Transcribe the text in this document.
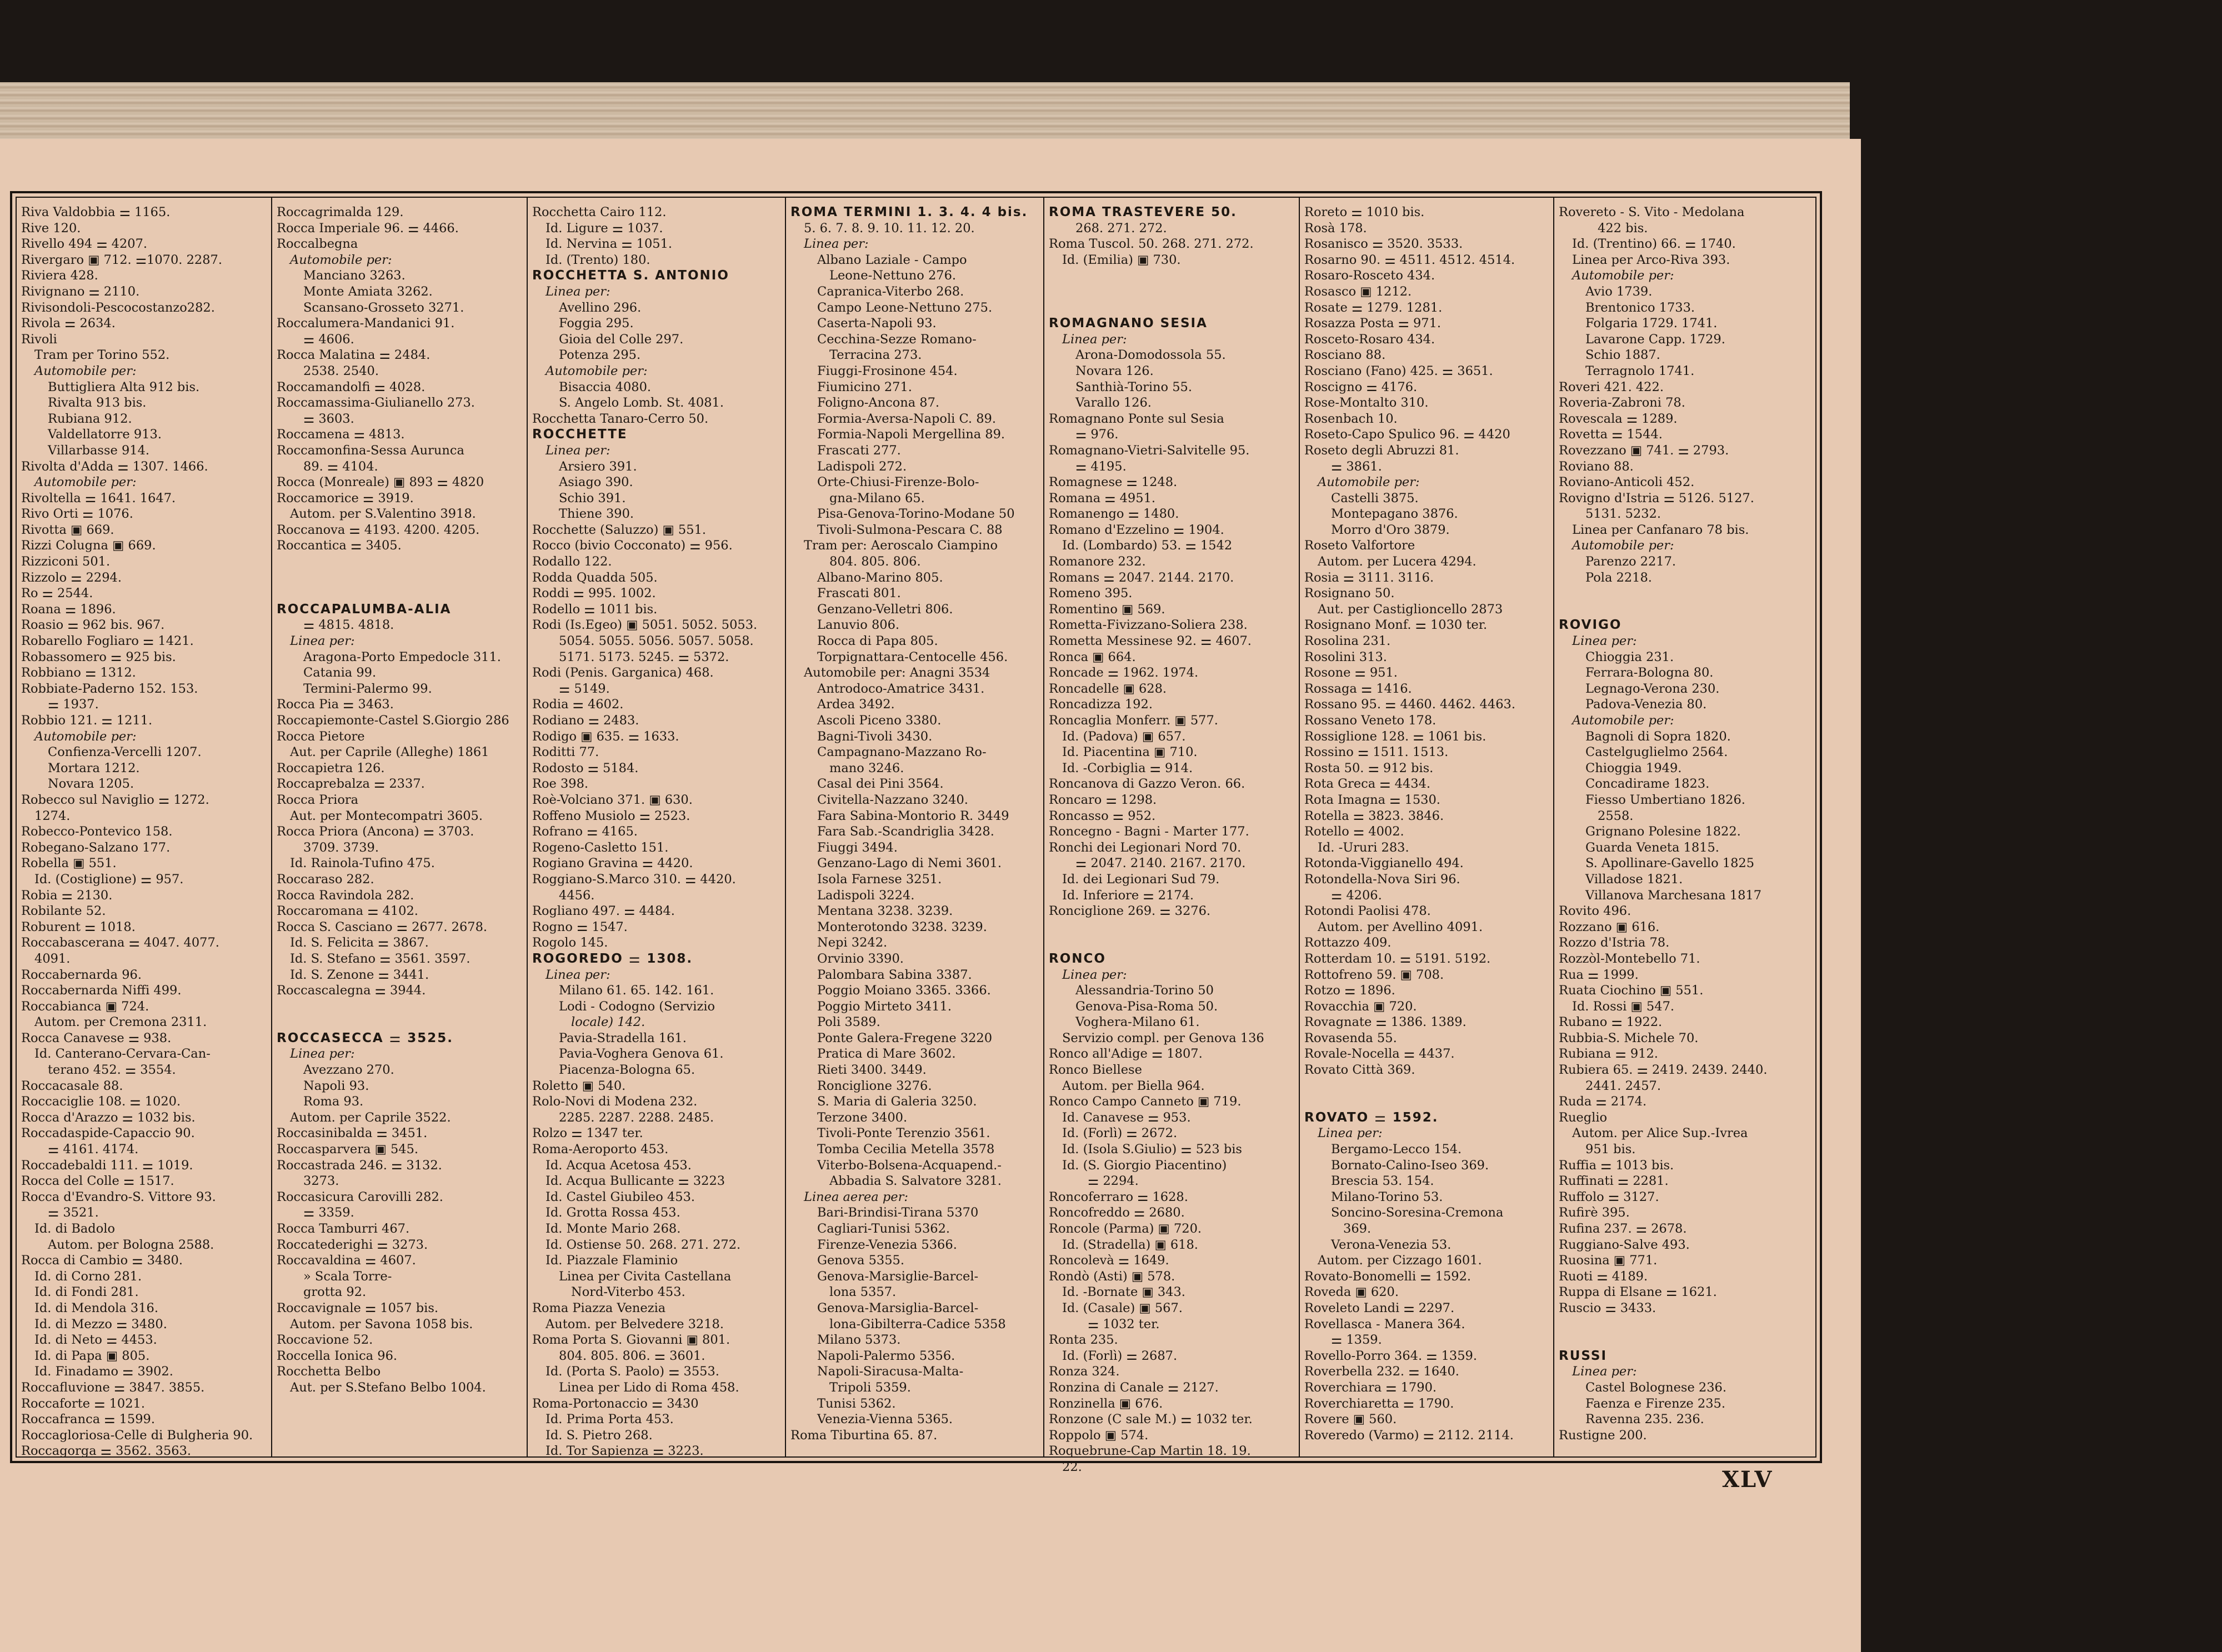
Riva Valdobbia ⚌ 1165.
Rive 120.
Rivello 494 ⚌ 4207.
Rivergaro ▣ 712. ⚌1070. 2287.
Riviera 428.
Rivignano ⚌ 2110.
Rivisondoli-Pescocostanzo282.
Rivola ⚌ 2634.
Rivoli
Tram per Torino 552.
Automobile per:
Buttigliera Alta 912 bis.
Rivalta 913 bis.
Rubiana 912.
Valdellatorre 913.
Villarbasse 914.
Rivolta d'Adda ⚌ 1307. 1466.
Automobile per:
Rivoltella ⚌ 1641. 1647.
Rivo Orti ⚌ 1076.
Rivotta ▣ 669.
Rizzi Colugna ▣ 669.
Rizziconi 501.
Rizzolo ⚌ 2294.
Ro ⚌ 2544.
Roana ⚌ 1896.
Roasio ⚌ 962 bis. 967.
Robarello Fogliaro ⚌ 1421.
Robassomero ⚌ 925 bis.
Robbiano ⚌ 1312.
Robbiate-Paderno 152. 153.
⚌ 1937.
Robbio 121. ⚌ 1211.
Automobile per:
Confienza-Vercelli 1207.
Mortara 1212.
Novara 1205.
Robecco sul Naviglio ⚌ 1272.
1274.
Robecco-Pontevico 158.
Robegano-Salzano 177.
Robella ▣ 551.
Id. (Costiglione) ⚌ 957.
Robia ⚌ 2130.
Robilante 52.
Roburent ⚌ 1018.
Roccabascerana ⚌ 4047. 4077.
4091.
Roccabernarda 96.
Roccabernarda Niffi 499.
Roccabianca ▣ 724.
Autom. per Cremona 2311.
Rocca Canavese ⚌ 938.
Id. Canterano-Cervara-Can-
terano 452. ⚌ 3554.
Roccacasale 88.
Roccaciglie 108. ⚌ 1020.
Rocca d'Arazzo ⚌ 1032 bis.
Roccadaspide-Capaccio 90.
⚌ 4161. 4174.
Roccadebaldi 111. ⚌ 1019.
Rocca del Colle ⚌ 1517.
Rocca d'Evandro-S. Vittore 93.
⚌ 3521.
Id. di Badolo
Autom. per Bologna 2588.
Rocca di Cambio ⚌ 3480.
Id. di Corno 281.
Id. di Fondi 281.
Id. di Mendola 316.
Id. di Mezzo ⚌ 3480.
Id. di Neto ⚌ 4453.
Id. di Papa ▣ 805.
Id. Finadamo ⚌ 3902.
Roccafluvione ⚌ 3847. 3855.
Roccaforte ⚌ 1021.
Roccafranca ⚌ 1599.
Roccagloriosa-Celle di Bulgheria 90.
Roccagorga ⚌ 3562. 3563.
Roccagrimalda 129.
Rocca Imperiale 96. ⚌ 4466.
Roccalbegna
Automobile per:
Manciano 3263.
Monte Amiata 3262.
Scansano-Grosseto 3271.
Roccalumera-Mandanici 91.
⚌ 4606.
Rocca Malatina ⚌ 2484.
2538. 2540.
Roccamandolfi ⚌ 4028.
Roccamassima-Giulianello 273.
⚌ 3603.
Roccamena ⚌ 4813.
Roccamonfina-Sessa Aurunca
89. ⚌ 4104.
Rocca (Monreale) ▣ 893 ⚌ 4820
Roccamorice ⚌ 3919.
Autom. per S.Valentino 3918.
Roccanova ⚌ 4193. 4200. 4205.
Roccantica ⚌ 3405.
ROCCAPALUMBA-ALIA
⚌ 4815. 4818.
Linea per:
Aragona-Porto Empedocle 311.
Catania 99.
Termini-Palermo 99.
Rocca Pia ⚌ 3463.
Roccapiemonte-Castel S.Giorgio 286
Rocca Pietore
Aut. per Caprile (Alleghe) 1861
Roccapietra 126.
Roccaprebalza ⚌ 2337.
Rocca Priora
Aut. per Montecompatri 3605.
Rocca Priora (Ancona) ⚌ 3703.
3709. 3739.
Id. Rainola-Tufino 475.
Roccaraso 282.
Rocca Ravindola 282.
Roccaromana ⚌ 4102.
Rocca S. Casciano ⚌ 2677. 2678.
Id. S. Felicita ⚌ 3867.
Id. S. Stefano ⚌ 3561. 3597.
Id. S. Zenone ⚌ 3441.
Roccascalegna ⚌ 3944.
ROCCASECCA ⚌ 3525.
Linea per:
Avezzano 270.
Napoli 93.
Roma 93.
Autom. per Caprile 3522.
Roccasinibalda ⚌ 3451.
Roccasparvera ▣ 545.
Roccastrada 246. ⚌ 3132.
3273.
Roccasicura Carovilli 282.
⚌ 3359.
Rocca Tamburri 467.
Roccatederighi ⚌ 3273.
Roccavaldina ⚌ 4607.
» Scala Torre-
grotta 92.
Roccavignale ⚌ 1057 bis.
Autom. per Savona 1058 bis.
Roccavione 52.
Roccella Ionica 96.
Rocchetta Belbo
Aut. per S.Stefano Belbo 1004.
Rocchetta Cairo 112.
Id. Ligure ⚌ 1037.
Id. Nervina ⚌ 1051.
Id. (Trento) 180.
ROCCHETTA S. ANTONIO
Linea per:
Avellino 296.
Foggia 295.
Gioia del Colle 297.
Potenza 295.
Automobile per:
Bisaccia 4080.
S. Angelo Lomb. St. 4081.
Rocchetta Tanaro-Cerro 50.
ROCCHETTE
Linea per:
Arsiero 391.
Asiago 390.
Schio 391.
Thiene 390.
Rocchette (Saluzzo) ▣ 551.
Rocco (bivio Cocconato) ⚌ 956.
Rodallo 122.
Rodda Quadda 505.
Roddi ⚌ 995. 1002.
Rodello ⚌ 1011 bis.
Rodi (Is.Egeo) ▣ 5051. 5052. 5053.
5054. 5055. 5056. 5057. 5058.
5171. 5173. 5245. ⚌ 5372.
Rodi (Penis. Garganica) 468.
⚌ 5149.
Rodia ⚌ 4602.
Rodiano ⚌ 2483.
Rodigo ▣ 635. ⚌ 1633.
Roditti 77.
Rodosto ⚌ 5184.
Roe 398.
Roè-Volciano 371. ▣ 630.
Roffeno Musiolo ⚌ 2523.
Rofrano ⚌ 4165.
Rogeno-Casletto 151.
Rogiano Gravina ⚌ 4420.
Roggiano-S.Marco 310. ⚌ 4420.
4456.
Rogliano 497. ⚌ 4484.
Rogno ⚌ 1547.
Rogolo 145.
ROGOREDO ⚌ 1308.
Linea per:
Milano 61. 65. 142. 161.
Lodi - Codogno (Servizio
locale) 142.
Pavia-Stradella 161.
Pavia-Voghera Genova 61.
Piacenza-Bologna 65.
Roletto ▣ 540.
Rolo-Novi di Modena 232.
2285. 2287. 2288. 2485.
Rolzo ⚌ 1347 ter.
Roma-Aeroporto 453.
Id. Acqua Acetosa 453.
Id. Acqua Bullicante ⚌ 3223
Id. Castel Giubileo 453.
Id. Grotta Rossa 453.
Id. Monte Mario 268.
Id. Ostiense 50. 268. 271. 272.
Id. Piazzale Flaminio
Linea per Civita Castellana
Nord-Viterbo 453.
Roma Piazza Venezia
Autom. per Belvedere 3218.
Roma Porta S. Giovanni ▣ 801.
804. 805. 806. ⚌ 3601.
Id. (Porta S. Paolo) ⚌ 3553.
Linea per Lido di Roma 458.
Roma-Portonaccio ⚌ 3430
Id. Prima Porta 453.
Id. S. Pietro 268.
Id. Tor Sapienza ⚌ 3223.
ROMA TERMINI 1. 3. 4. 4 bis.
5. 6. 7. 8. 9. 10. 11. 12. 20.
Linea per:
Albano Laziale - Campo
Leone-Nettuno 276.
Capranica-Viterbo 268.
Campo Leone-Nettuno 275.
Caserta-Napoli 93.
Cecchina-Sezze Romano-
Terracina 273.
Fiuggi-Frosinone 454.
Fiumicino 271.
Foligno-Ancona 87.
Formia-Aversa-Napoli C. 89.
Formia-Napoli Mergellina 89.
Frascati 277.
Ladispoli 272.
Orte-Chiusi-Firenze-Bolo-
gna-Milano 65.
Pisa-Genova-Torino-Modane 50
Tivoli-Sulmona-Pescara C. 88
Tram per: Aeroscalo Ciampino
804. 805. 806.
Albano-Marino 805.
Frascati 801.
Genzano-Velletri 806.
Lanuvio 806.
Rocca di Papa 805.
Torpignattara-Centocelle 456.
Automobile per: Anagni 3534
Antrodoco-Amatrice 3431.
Ardea 3492.
Ascoli Piceno 3380.
Bagni-Tivoli 3430.
Campagnano-Mazzano Ro-
mano 3246.
Casal dei Pini 3564.
Civitella-Nazzano 3240.
Fara Sabina-Montorio R. 3449
Fara Sab.-Scandriglia 3428.
Fiuggi 3494.
Genzano-Lago di Nemi 3601.
Isola Farnese 3251.
Ladispoli 3224.
Mentana 3238. 3239.
Monterotondo 3238. 3239.
Nepi 3242.
Orvinio 3390.
Palombara Sabina 3387.
Poggio Moiano 3365. 3366.
Poggio Mirteto 3411.
Poli 3589.
Ponte Galera-Fregene 3220
Pratica di Mare 3602.
Rieti 3400. 3449.
Ronciglione 3276.
S. Maria di Galeria 3250.
Terzone 3400.
Tivoli-Ponte Terenzio 3561.
Tomba Cecilia Metella 3578
Viterbo-Bolsena-Acquapend.-
Abbadia S. Salvatore 3281.
Linea aerea per:
Bari-Brindisi-Tirana 5370
Cagliari-Tunisi 5362.
Firenze-Venezia 5366.
Genova 5355.
Genova-Marsiglie-Barcel-
lona 5357.
Genova-Marsiglia-Barcel-
lona-Gibilterra-Cadice 5358
Milano 5373.
Napoli-Palermo 5356.
Napoli-Siracusa-Malta-
Tripoli 5359.
Tunisi 5362.
Venezia-Vienna 5365.
Roma Tiburtina 65. 87.
ROMA TRASTEVERE 50.
268. 271. 272.
Roma Tuscol. 50. 268. 271. 272.
Id. (Emilia) ▣ 730.
ROMAGNANO SESIA
Linea per:
Arona-Domodossola 55.
Novara 126.
Santhià-Torino 55.
Varallo 126.
Romagnano Ponte sul Sesia
⚌ 976.
Romagnano-Vietri-Salvitelle 95.
⚌ 4195.
Romagnese ⚌ 1248.
Romana ⚌ 4951.
Romanengo ⚌ 1480.
Romano d'Ezzelino ⚌ 1904.
Id. (Lombardo) 53. ⚌ 1542
Romanore 232.
Romans ⚌ 2047. 2144. 2170.
Romeno 395.
Romentino ▣ 569.
Rometta-Fivizzano-Soliera 238.
Rometta Messinese 92. ⚌ 4607.
Ronca ▣ 664.
Roncade ⚌ 1962. 1974.
Roncadelle ▣ 628.
Roncadizza 192.
Roncaglia Monferr. ▣ 577.
Id. (Padova) ▣ 657.
Id. Piacentina ▣ 710.
Id. -Corbiglia ⚌ 914.
Roncanova di Gazzo Veron. 66.
Roncaro ⚌ 1298.
Roncasso ⚌ 952.
Roncegno - Bagni - Marter 177.
Ronchi dei Legionari Nord 70.
⚌ 2047. 2140. 2167. 2170.
Id. dei Legionari Sud 79.
Id. Inferiore ⚌ 2174.
Ronciglione 269. ⚌ 3276.
RONCO
Linea per:
Alessandria-Torino 50
Genova-Pisa-Roma 50.
Voghera-Milano 61.
Servizio compl. per Genova 136
Ronco all'Adige ⚌ 1807.
Ronco Biellese
Autom. per Biella 964.
Ronco Campo Canneto ▣ 719.
Id. Canavese ⚌ 953.
Id. (Forlì) ⚌ 2672.
Id. (Isola S.Giulio) ⚌ 523 bis
Id. (S. Giorgio Piacentino)
⚌ 2294.
Roncoferraro ⚌ 1628.
Roncofreddo ⚌ 2680.
Roncole (Parma) ▣ 720.
Id. (Stradella) ▣ 618.
Roncolevà ⚌ 1649.
Rondò (Asti) ▣ 578.
Id. -Bornate ▣ 343.
Id. (Casale) ▣ 567.
⚌ 1032 ter.
Ronta 235.
Id. (Forlì) ⚌ 2687.
Ronza 324.
Ronzina di Canale ⚌ 2127.
Ronzinella ▣ 676.
Ronzone (C sale M.) ⚌ 1032 ter.
Roppolo ▣ 574.
Roquebrune-Cap Martin 18. 19.
22.
Roreto ⚌ 1010 bis.
Rosà 178.
Rosanisco ⚌ 3520. 3533.
Rosarno 90. ⚌ 4511. 4512. 4514.
Rosaro-Rosceto 434.
Rosasco ▣ 1212.
Rosate ⚌ 1279. 1281.
Rosazza Posta ⚌ 971.
Rosceto-Rosaro 434.
Rosciano 88.
Rosciano (Fano) 425. ⚌ 3651.
Roscigno ⚌ 4176.
Rose-Montalto 310.
Rosenbach 10.
Roseto-Capo Spulico 96. ⚌ 4420
Roseto degli Abruzzi 81.
⚌ 3861.
Automobile per:
Castelli 3875.
Montepagano 3876.
Morro d'Oro 3879.
Roseto Valfortore
Autom. per Lucera 4294.
Rosia ⚌ 3111. 3116.
Rosignano 50.
Aut. per Castiglioncello 2873
Rosignano Monf. ⚌ 1030 ter.
Rosolina 231.
Rosolini 313.
Rosone ⚌ 951.
Rossaga ⚌ 1416.
Rossano 95. ⚌ 4460. 4462. 4463.
Rossano Veneto 178.
Rossiglione 128. ⚌ 1061 bis.
Rossino ⚌ 1511. 1513.
Rosta 50. ⚌ 912 bis.
Rota Greca ⚌ 4434.
Rota Imagna ⚌ 1530.
Rotella ⚌ 3823. 3846.
Rotello ⚌ 4002.
Id. -Ururi 283.
Rotonda-Viggianello 494.
Rotondella-Nova Siri 96.
⚌ 4206.
Rotondi Paolisi 478.
Autom. per Avellino 4091.
Rottazzo 409.
Rotterdam 10. ⚌ 5191. 5192.
Rottofreno 59. ▣ 708.
Rotzo ⚌ 1896.
Rovacchia ▣ 720.
Rovagnate ⚌ 1386. 1389.
Rovasenda 55.
Rovale-Nocella ⚌ 4437.
Rovato Città 369.
ROVATO ⚌ 1592.
Linea per:
Bergamo-Lecco 154.
Bornato-Calino-Iseo 369.
Brescia 53. 154.
Milano-Torino 53.
Soncino-Soresina-Cremona
369.
Verona-Venezia 53.
Autom. per Cizzago 1601.
Rovato-Bonomelli ⚌ 1592.
Roveda ▣ 620.
Roveleto Landi ⚌ 2297.
Rovellasca - Manera 364.
⚌ 1359.
Rovello-Porro 364. ⚌ 1359.
Roverbella 232. ⚌ 1640.
Roverchiara ⚌ 1790.
Roverchiaretta ⚌ 1790.
Rovere ▣ 560.
Roveredo (Varmo) ⚌ 2112. 2114.
Rovereto - S. Vito - Medolana
422 bis.
Id. (Trentino) 66. ⚌ 1740.
Linea per Arco-Riva 393.
Automobile per:
Avio 1739.
Brentonico 1733.
Folgaria 1729. 1741.
Lavarone Capp. 1729.
Schio 1887.
Terragnolo 1741.
Roveri 421. 422.
Roveria-Zabroni 78.
Rovescala ⚌ 1289.
Rovetta ⚌ 1544.
Rovezzano ▣ 741. ⚌ 2793.
Roviano 88.
Roviano-Anticoli 452.
Rovigno d'Istria ⚌ 5126. 5127.
5131. 5232.
Linea per Canfanaro 78 bis.
Automobile per:
Parenzo 2217.
Pola 2218.
ROVIGO
Linea per:
Chioggia 231.
Ferrara-Bologna 80.
Legnago-Verona 230.
Padova-Venezia 80.
Automobile per:
Bagnoli di Sopra 1820.
Castelguglielmo 2564.
Chioggia 1949.
Concadirame 1823.
Fiesso Umbertiano 1826.
2558.
Grignano Polesine 1822.
Guarda Veneta 1815.
S. Apollinare-Gavello 1825
Villadose 1821.
Villanova Marchesana 1817
Rovito 496.
Rozzano ▣ 616.
Rozzo d'Istria 78.
Rozzòl-Montebello 71.
Rua ⚌ 1999.
Ruata Ciochino ▣ 551.
Id. Rossi ▣ 547.
Rubano ⚌ 1922.
Rubbia-S. Michele 70.
Rubiana ⚌ 912.
Rubiera 65. ⚌ 2419. 2439. 2440.
2441. 2457.
Ruda ⚌ 2174.
Rueglio
Autom. per Alice Sup.-Ivrea
951 bis.
Ruffia ⚌ 1013 bis.
Ruffinati ⚌ 2281.
Ruffolo ⚌ 3127.
Rufirè 395.
Rufina 237. ⚌ 2678.
Ruggiano-Salve 493.
Ruosina ▣ 771.
Ruoti ⚌ 4189.
Ruppa di Elsane ⚌ 1621.
Ruscio ⚌ 3433.
RUSSI
Linea per:
Castel Bolognese 236.
Faenza e Firenze 235.
Ravenna 235. 236.
Rustigne 200.
XLV
